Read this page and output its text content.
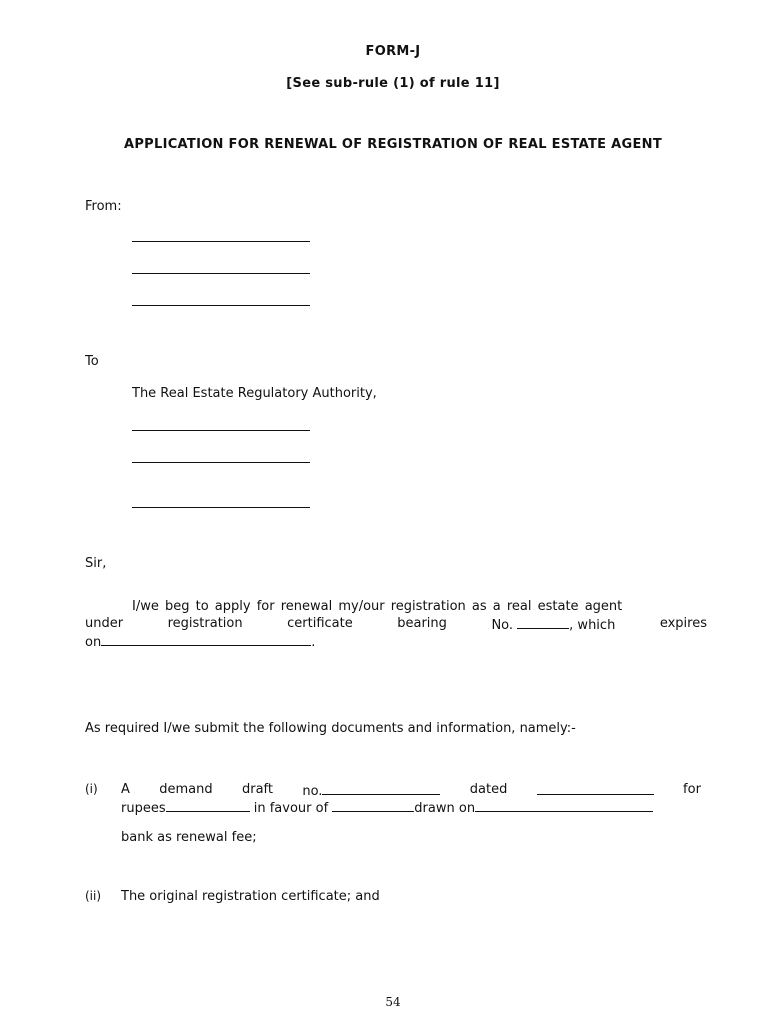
FORM-J
[See sub-rule (1) of rule 11]
APPLICATION FOR RENEWAL OF REGISTRATION OF REAL ESTATE AGENT
From:
To
The Real Estate Regulatory Authority,
Sir,
I/we beg to apply for renewal my/our registration as a real estate agent
under	registration	certificate	bearing	No.	, which	expires
on	.
As required I/we submit the following documents and information, namely:-
(i) A demand draft no.	dated	for
rupees	in favour of	drawn on
bank as renewal fee;
(ii) The original registration certificate; and
54
